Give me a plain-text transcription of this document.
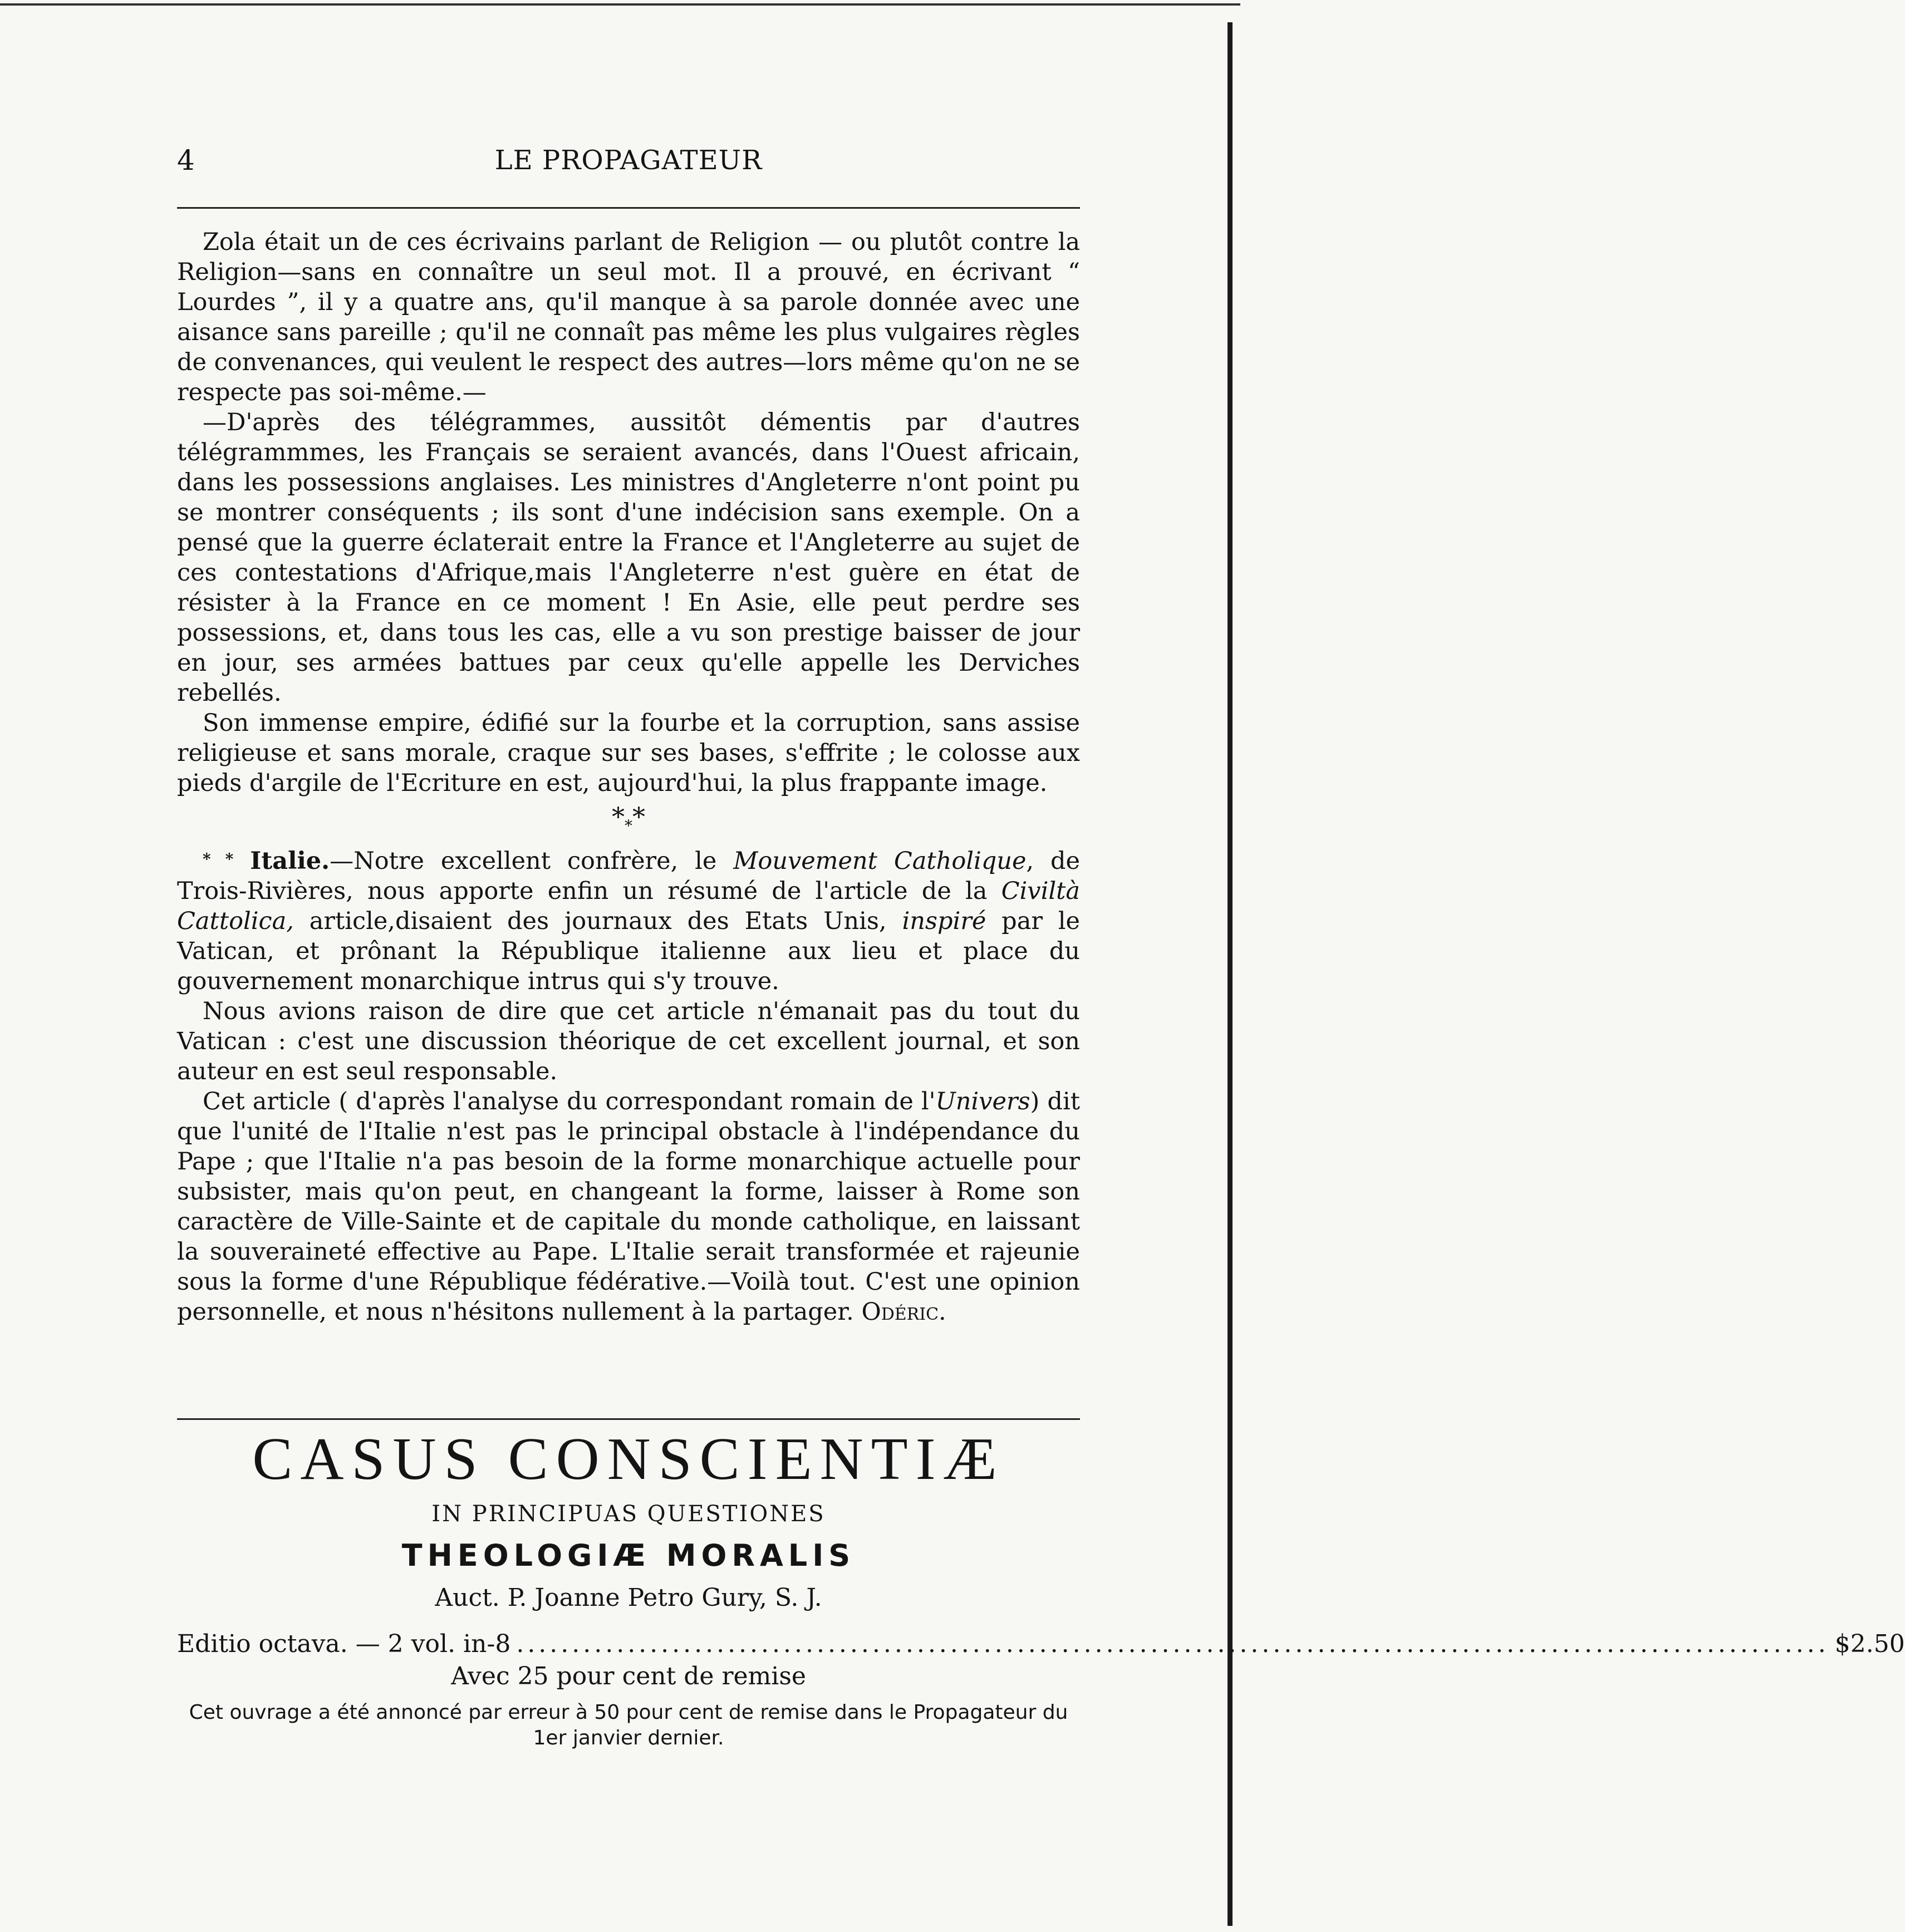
4	LE PROPAGATEUR

Zola était un de ces écrivains parlant de Religion — ou plutôt contre la Religion—sans en connaître un seul mot. Il a prouvé, en écrivant “ Lourdes ”, il y a quatre ans, qu'il manque à sa parole donnée avec une aisance sans pareille ; qu'il ne connaît pas même les plus vulgaires règles de convenances, qui veulent le respect des autres—lors même qu'on ne se respecte pas soi-même.—

—D'après des télégrammes, aussitôt démentis par d'autres télégrammmes, les Français se seraient avancés, dans l'Ouest africain, dans les possessions anglaises. Les ministres d'Angleterre n'ont point pu se montrer conséquents ; ils sont d'une indécision sans exemple. On a pensé que la guerre éclaterait entre la France et l'Angleterre au sujet de ces contestations d'Afrique,mais l'Angleterre n'est guère en état de résister à la France en ce moment ! En Asie, elle peut perdre ses possessions, et, dans tous les cas, elle a vu son prestige baisser de jour en jour, ses armées battues par ceux qu'elle appelle les Derviches rebellés.

Son immense empire, édifié sur la fourbe et la corruption, sans assise religieuse et sans morale, craque sur ses bases, s'effrite ; le colosse aux pieds d'argile de l'Ecriture en est, aujourd'hui, la plus frappante image.

***

* * Italie.—Notre excellent confrère, le Mouvement Catholique, de Trois-Rivières, nous apporte enfin un résumé de l'article de la Civiltà Cattolica, article,disaient des journaux des Etats Unis, inspiré par le Vatican, et prônant la République italienne aux lieu et place du gouvernement monarchique intrus qui s'y trouve.

Nous avions raison de dire que cet article n'émanait pas du tout du Vatican : c'est une discussion théorique de cet excellent journal, et son auteur en est seul responsable.

Cet article ( d'après l'analyse du correspondant romain de l'Univers) dit que l'unité de l'Italie n'est pas le principal obstacle à l'indépendance du Pape ; que l'Italie n'a pas besoin de la forme monarchique actuelle pour subsister, mais qu'on peut, en changeant la forme, laisser à Rome son caractère de Ville-Sainte et de capitale du monde catholique, en laissant la souveraineté effective au Pape. L'Italie serait transformée et rajeunie sous la forme d'une République fédérative.—Voilà tout. C'est une opinion personnelle, et nous n'hésitons nullement à la partager. Odéric.

CASUS CONSCIENTIÆ

IN PRINCIPUAS QUESTIONES

THEOLOGIÆ MORALIS

Auct. P. Joanne Petro Gury, S. J.

Editio octava. — 2 vol. in-8 ...................................................................................................................... $2.50

Avec 25 pour cent de remise

Cet ouvrage a été annoncé par erreur à 50 pour cent de remise dans le Propagateur du 1er janvier dernier.
